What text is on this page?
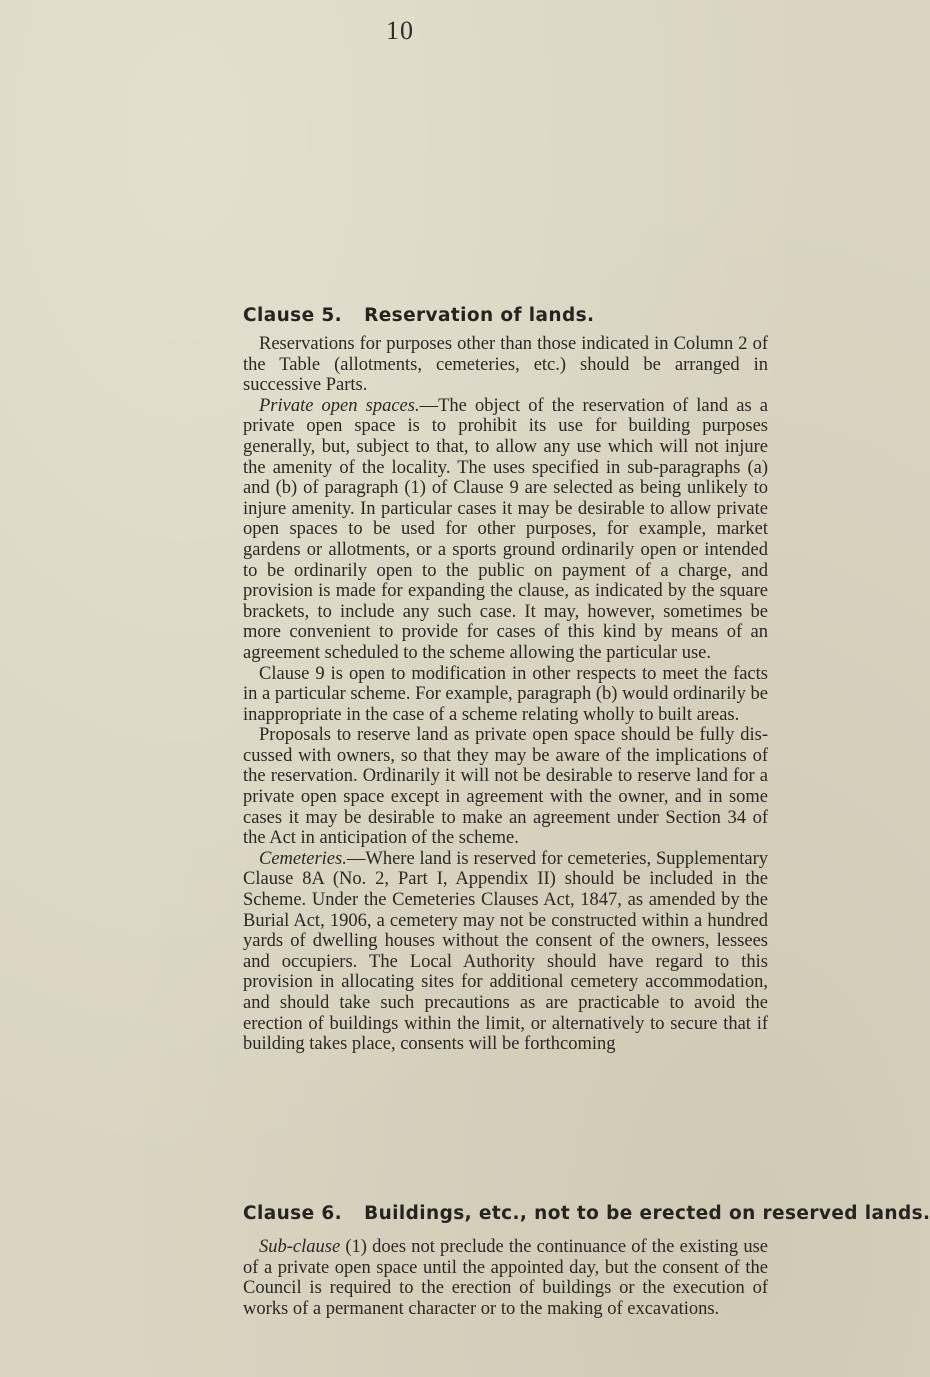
10
Clause 5. Reservation of lands.

Reservations for purposes other than those indicated in Column 2 of the Table (allotments, cemeteries, etc.) should be arranged in successive Parts.

Private open spaces.—The object of the reservation of land as a private open space is to prohibit its use for building purposes generally, but, subject to that, to allow any use which will not injure the amenity of the locality. The uses specified in sub-paragraphs (a) and (b) of paragraph (1) of Clause 9 are selected as being unlikely to injure amenity. In particular cases it may be desirable to allow private open spaces to be used for other purposes, for example, market gardens or allotments, or a sports ground ordinarily open or intended to be ordinarily open to the public on payment of a charge, and provision is made for expanding the clause, as indicated by the square brackets, to include any such case. It may, however, sometimes be more convenient to provide for cases of this kind by means of an agreement scheduled to the scheme allowing the particular use.

Clause 9 is open to modification in other respects to meet the facts in a particular scheme. For example, paragraph (b) would ordinarily be inappropriate in the case of a scheme relating wholly to built areas.

Proposals to reserve land as private open space should be fully discussed with owners, so that they may be aware of the implications of the reservation. Ordinarily it will not be desirable to reserve land for a private open space except in agreement with the owner, and in some cases it may be desirable to make an agreement under Section 34 of the Act in anticipation of the scheme.

Cemeteries.—Where land is reserved for cemeteries, Supplementary Clause 8A (No. 2, Part I, Appendix II) should be included in the Scheme. Under the Cemeteries Clauses Act, 1847, as amended by the Burial Act, 1906, a cemetery may not be constructed within a hundred yards of dwelling houses without the consent of the owners, lessees and occupiers. The Local Authority should have regard to this provision in allocating sites for additional cemetery accommodation, and should take such precautions as are practicable to avoid the erection of buildings within the limit, or alternatively to secure that if building takes place, consents will be forthcoming

Clause 6. Buildings, etc., not to be erected on reserved lands.

Sub-clause (1) does not preclude the continuance of the existing use of a private open space until the appointed day, but the consent of the Council is required to the erection of buildings or the execution of works of a permanent character or to the making of excavations.
